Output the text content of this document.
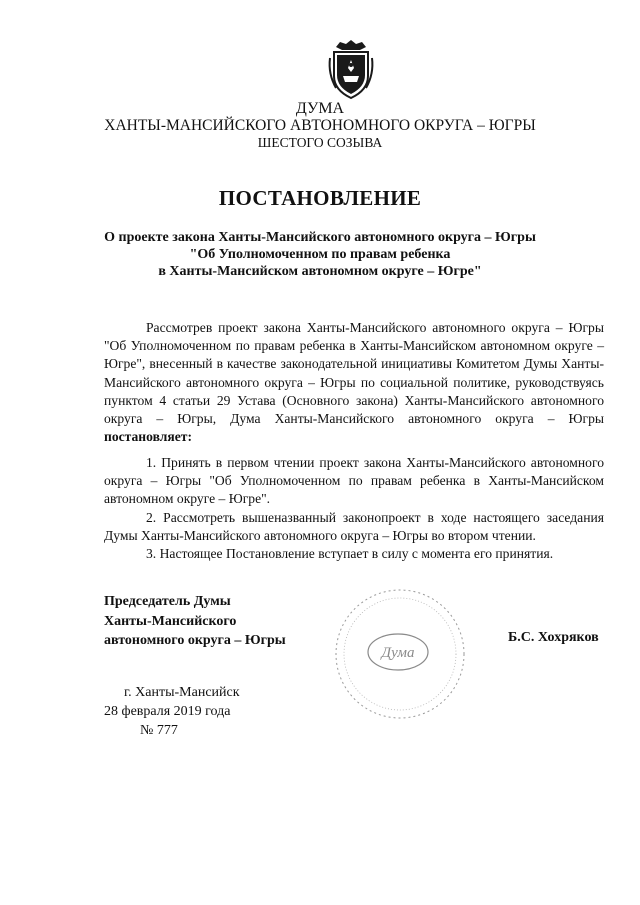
ДУМА
ХАНТЫ-МАНСИЙСКОГО АВТОНОМНОГО ОКРУГА – ЮГРЫ
ШЕСТОГО СОЗЫВА
ПОСТАНОВЛЕНИЕ
О проекте закона Ханты-Мансийского автономного округа – Югры
"Об Уполномоченном по правам ребенка
в Ханты-Мансийском автономном округе – Югре"
Рассмотрев проект закона Ханты-Мансийского автономного округа – Югры "Об Уполномоченном по правам ребенка в Ханты-Мансийском автономном округе – Югре", внесенный в качестве законодательной инициативы Комитетом Думы Ханты-Мансийского автономного округа – Югры по социальной политике, руководствуясь пунктом 4 статьи 29 Устава (Основного закона) Ханты-Мансийского автономного округа – Югры, Дума Ханты-Мансийского автономного округа – Югры постановляет:
1. Принять в первом чтении проект закона Ханты-Мансийского автономного округа – Югры "Об Уполномоченном по правам ребенка в Ханты-Мансийском автономном округе – Югре".
2. Рассмотреть вышеназванный законопроект в ходе настоящего заседания Думы Ханты-Мансийского автономного округа – Югры во втором чтении.
3. Настоящее Постановление вступает в силу с момента его принятия.
Председатель Думы
Ханты-Мансийского
автономного округа – Югры
Дума
Б.С. Хохряков
г. Ханты-Мансийск
28 февраля 2019 года
№ 777
